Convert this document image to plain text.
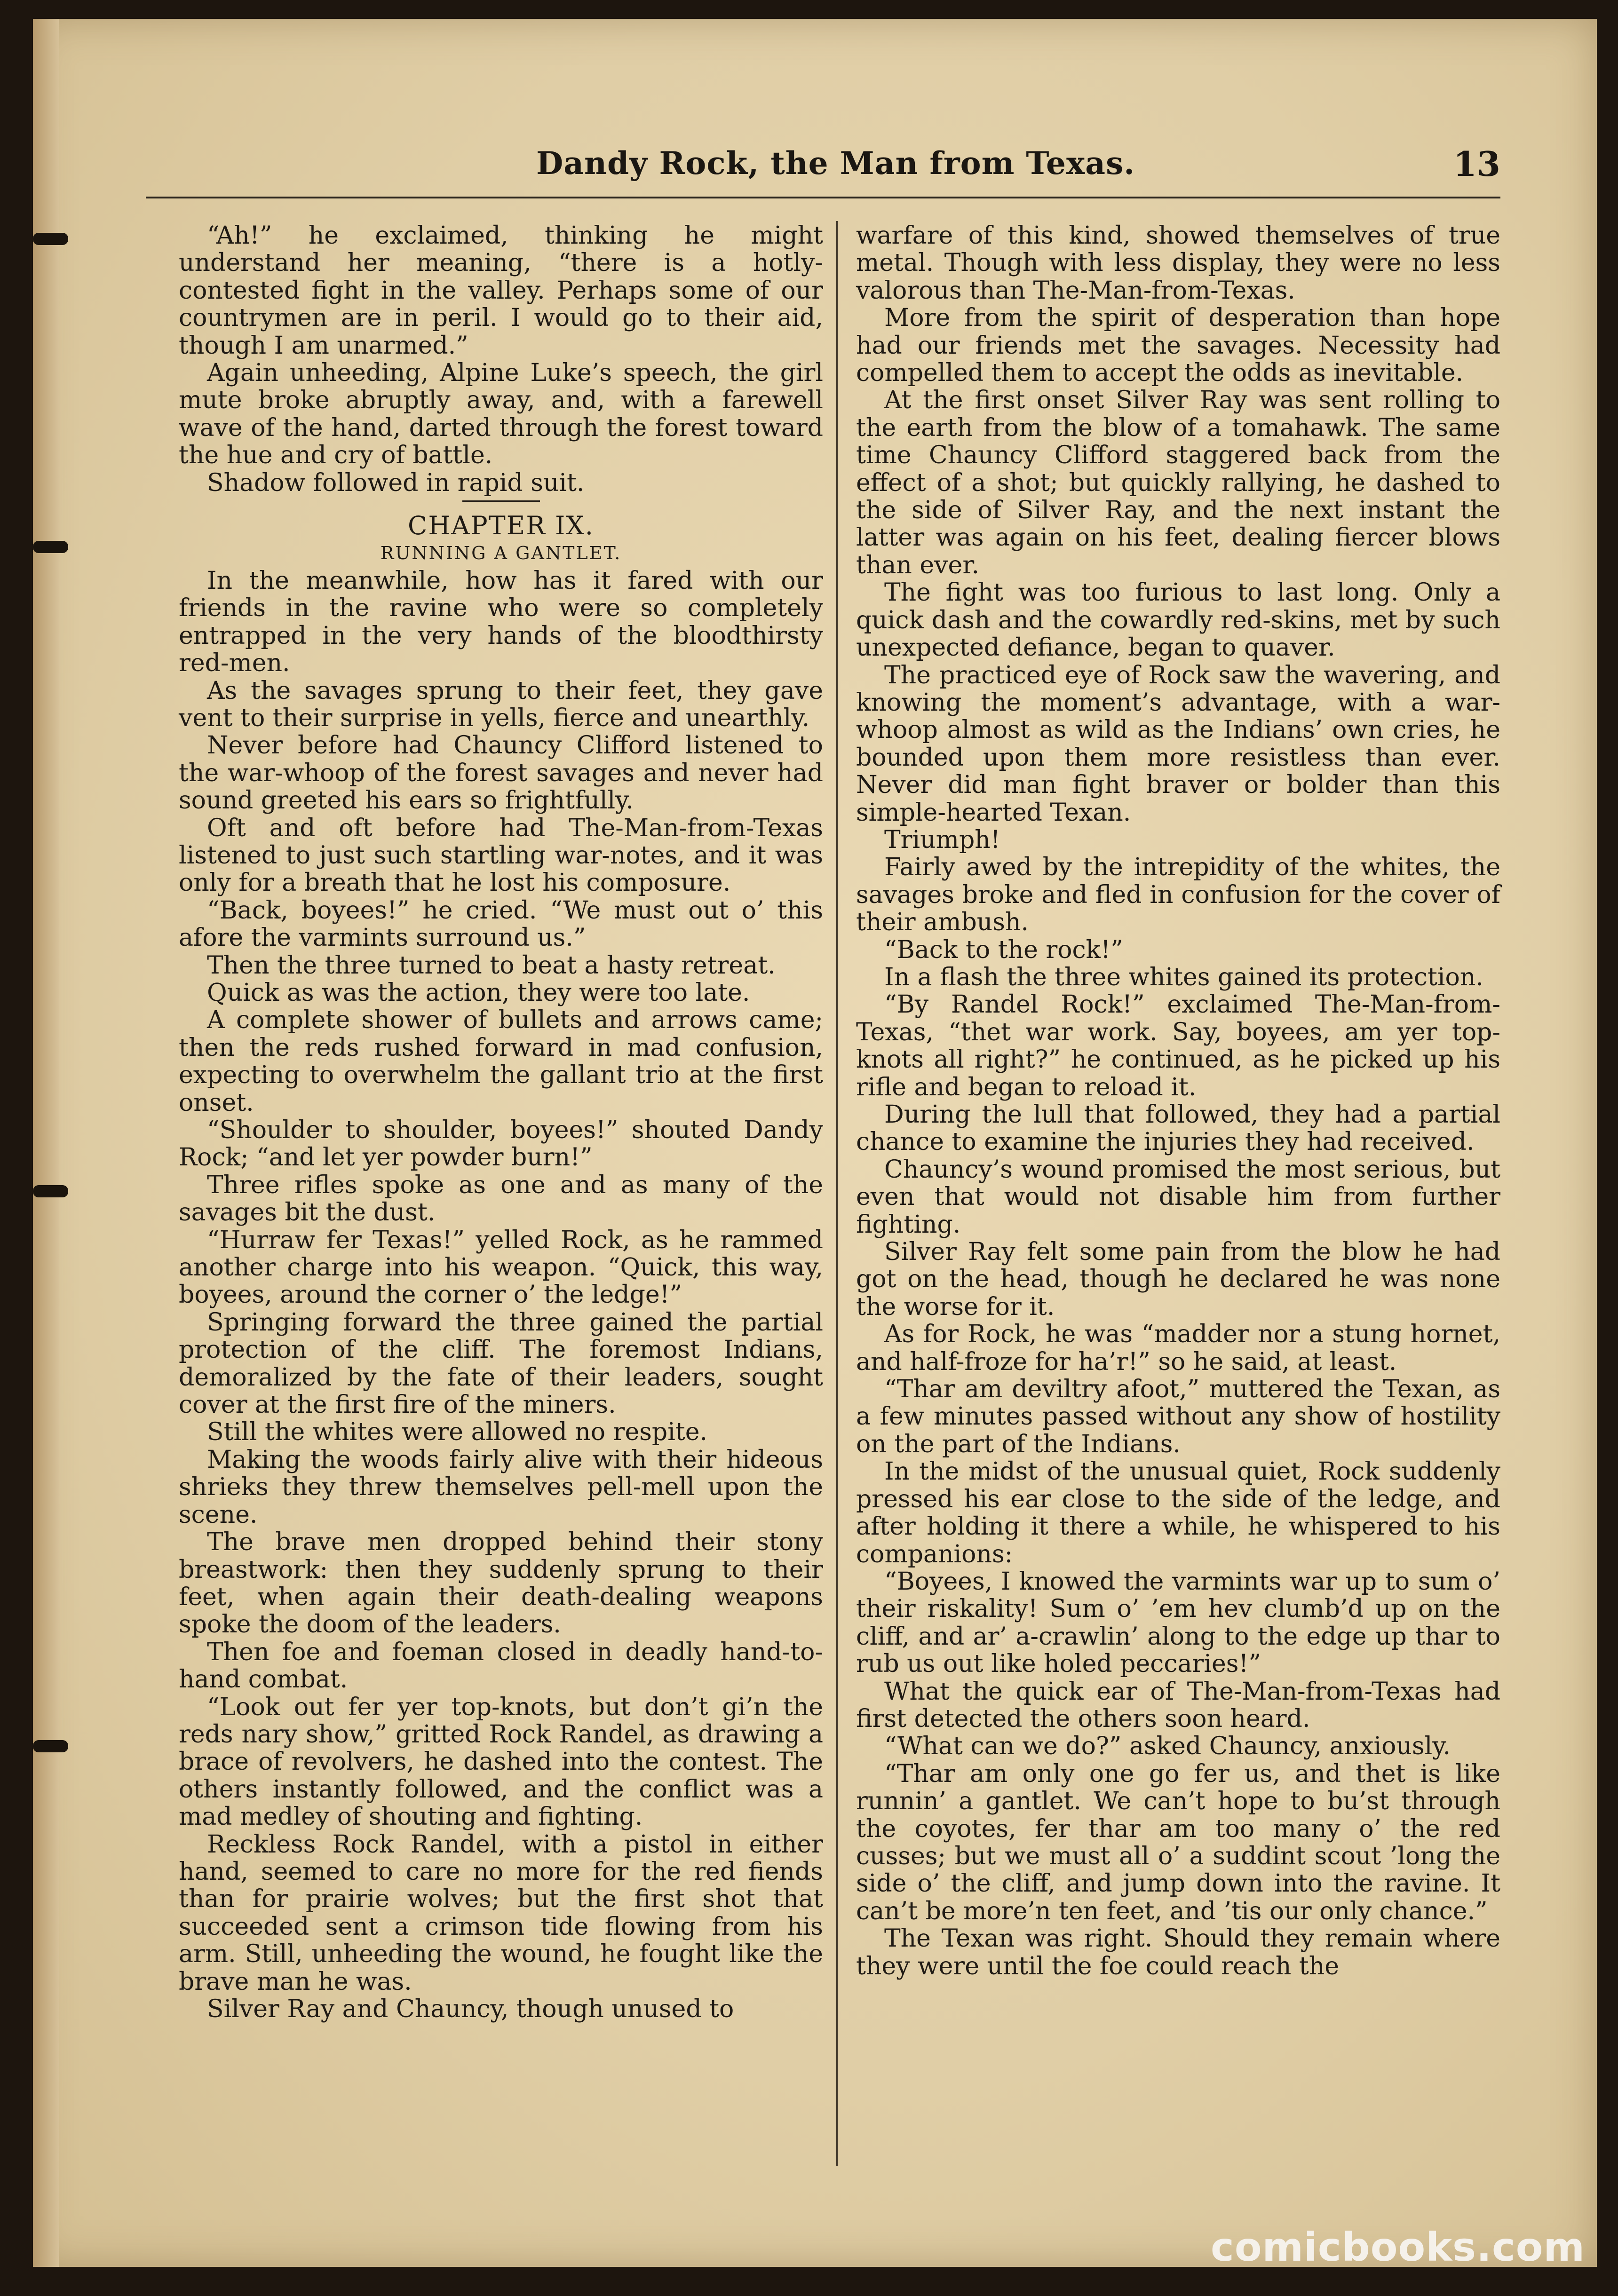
Dandy Rock, the Man from Texas.	13

“Ah!” he exclaimed, thinking he might understand her meaning, “there is a hotly-contested fight in the valley. Perhaps some of our countrymen are in peril. I would go to their aid, though I am unarmed.”

Again unheeding, Alpine Luke’s speech, the girl mute broke abruptly away, and, with a farewell wave of the hand, darted through the forest toward the hue and cry of battle.

Shadow followed in rapid suit.

CHAPTER IX.

RUNNING A GANTLET.

In the meanwhile, how has it fared with our friends in the ravine who were so completely entrapped in the very hands of the bloodthirsty red-men.

As the savages sprung to their feet, they gave vent to their surprise in yells, fierce and unearthly.

Never before had Chauncy Clifford listened to the war-whoop of the forest savages and never had sound greeted his ears so frightfully.

Oft and oft before had The-Man-from-Texas listened to just such startling war-notes, and it was only for a breath that he lost his composure.

“Back, boyees!” he cried. “We must out o’ this afore the varmints surround us.”

Then the three turned to beat a hasty retreat.

Quick as was the action, they were too late.

A complete shower of bullets and arrows came; then the reds rushed forward in mad confusion, expecting to overwhelm the gallant trio at the first onset.

“Shoulder to shoulder, boyees!” shouted Dandy Rock; “and let yer powder burn!”

Three rifles spoke as one and as many of the savages bit the dust.

“Hurraw fer Texas!” yelled Rock, as he rammed another charge into his weapon. “Quick, this way, boyees, around the corner o’ the ledge!”

Springing forward the three gained the partial protection of the cliff. The foremost Indians, demoralized by the fate of their leaders, sought cover at the first fire of the miners.

Still the whites were allowed no respite.

Making the woods fairly alive with their hideous shrieks they threw themselves pell-mell upon the scene.

The brave men dropped behind their stony breastwork: then they suddenly sprung to their feet, when again their death-dealing weapons spoke the doom of the leaders.

Then foe and foeman closed in deadly hand-to-hand combat.

“Look out fer yer top-knots, but don’t gi’n the reds nary show,” gritted Rock Randel, as drawing a brace of revolvers, he dashed into the contest. The others instantly followed, and the conflict was a mad medley of shouting and fighting.

Reckless Rock Randel, with a pistol in either hand, seemed to care no more for the red fiends than for prairie wolves; but the first shot that succeeded sent a crimson tide flowing from his arm. Still, unheeding the wound, he fought like the brave man he was.

Silver Ray and Chauncy, though unused to

warfare of this kind, showed themselves of true metal. Though with less display, they were no less valorous than The-Man-from-Texas.

More from the spirit of desperation than hope had our friends met the savages. Necessity had compelled them to accept the odds as inevitable.

At the first onset Silver Ray was sent rolling to the earth from the blow of a tomahawk. The same time Chauncy Clifford staggered back from the effect of a shot; but quickly rallying, he dashed to the side of Silver Ray, and the next instant the latter was again on his feet, dealing fiercer blows than ever.

The fight was too furious to last long. Only a quick dash and the cowardly red-skins, met by such unexpected defiance, began to quaver.

The practiced eye of Rock saw the wavering, and knowing the moment’s advantage, with a war-whoop almost as wild as the Indians’ own cries, he bounded upon them more resistless than ever. Never did man fight braver or bolder than this simple-hearted Texan.

Triumph!

Fairly awed by the intrepidity of the whites, the savages broke and fled in confusion for the cover of their ambush.

“Back to the rock!”

In a flash the three whites gained its protection.

“By Randel Rock!” exclaimed The-Man-from-Texas, “thet war work. Say, boyees, am yer top-knots all right?” he continued, as he picked up his rifle and began to reload it.

During the lull that followed, they had a partial chance to examine the injuries they had received.

Chauncy’s wound promised the most serious, but even that would not disable him from further fighting.

Silver Ray felt some pain from the blow he had got on the head, though he declared he was none the worse for it.

As for Rock, he was “madder nor a stung hornet, and half-froze for ha’r!” so he said, at least.

“Thar am deviltry afoot,” muttered the Texan, as a few minutes passed without any show of hostility on the part of the Indians.

In the midst of the unusual quiet, Rock suddenly pressed his ear close to the side of the ledge, and after holding it there a while, he whispered to his companions:

“Boyees, I knowed the varmints war up to sum o’ their riskality! Sum o’ ’em hev clumb’d up on the cliff, and ar’ a-crawlin’ along to the edge up thar to rub us out like holed peccaries!”

What the quick ear of The-Man-from-Texas had first detected the others soon heard.

“What can we do?” asked Chauncy, anxiously.

“Thar am only one go fer us, and thet is like runnin’ a gantlet. We can’t hope to bu’st through the coyotes, fer thar am too many o’ the red cusses; but we must all o’ a suddint scout ’long the side o’ the cliff, and jump down into the ravine. It can’t be more’n ten feet, and ’tis our only chance.”

The Texan was right. Should they remain where they were until the foe could reach the

comicbooks.com
